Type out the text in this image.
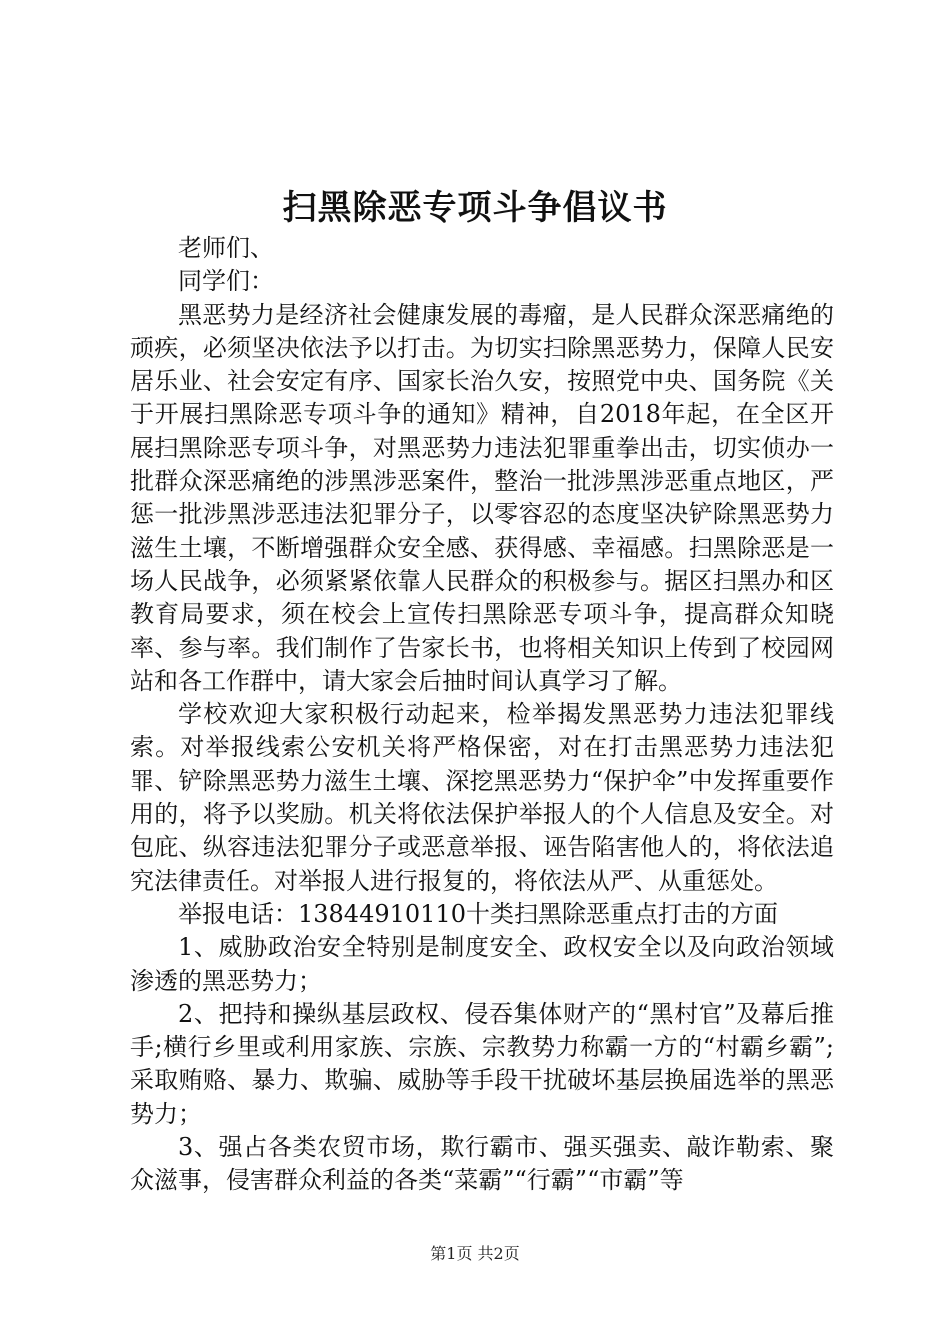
扫黑除恶专项斗争倡议书

老师们、

同学们：

黑恶势力是经济社会健康发展的毒瘤，是人民群众深恶痛绝的顽疾，必须坚决依法予以打击。为切实扫除黑恶势力，保障人民安居乐业、社会安定有序、国家长治久安，按照党中央、国务院《关于开展扫黑除恶专项斗争的通知》精神，自2018年起，在全区开展扫黑除恶专项斗争，对黑恶势力违法犯罪重拳出击，切实侦办一批群众深恶痛绝的涉黑涉恶案件，整治一批涉黑涉恶重点地区，严惩一批涉黑涉恶违法犯罪分子，以零容忍的态度坚决铲除黑恶势力滋生土壤，不断增强群众安全感、获得感、幸福感。扫黑除恶是一场人民战争，必须紧紧依靠人民群众的积极参与。据区扫黑办和区教育局要求，须在校会上宣传扫黑除恶专项斗争，提高群众知晓率、参与率。我们制作了告家长书，也将相关知识上传到了校园网站和各工作群中，请大家会后抽时间认真学习了解。

学校欢迎大家积极行动起来，检举揭发黑恶势力违法犯罪线索。对举报线索公安机关将严格保密，对在打击黑恶势力违法犯罪、铲除黑恶势力滋生土壤、深挖黑恶势力“保护伞”中发挥重要作用的，将予以奖励。机关将依法保护举报人的个人信息及安全。对包庇、纵容违法犯罪分子或恶意举报、诬告陷害他人的，将依法追究法律责任。对举报人进行报复的，将依法从严、从重惩处。

举报电话：13844910110十类扫黑除恶重点打击的方面

1、威胁政治安全特别是制度安全、政权安全以及向政治领域渗透的黑恶势力；

2、把持和操纵基层政权、侵吞集体财产的“黑村官”及幕后推手;横行乡里或利用家族、宗族、宗教势力称霸一方的“村霸乡霸”;采取贿赂、暴力、欺骗、威胁等手段干扰破坏基层换届选举的黑恶势力；

3、强占各类农贸市场，欺行霸市、强买强卖、敲诈勒索、聚众滋事，侵害群众利益的各类“菜霸”“行霸”“市霸”等

第1页 共2页
